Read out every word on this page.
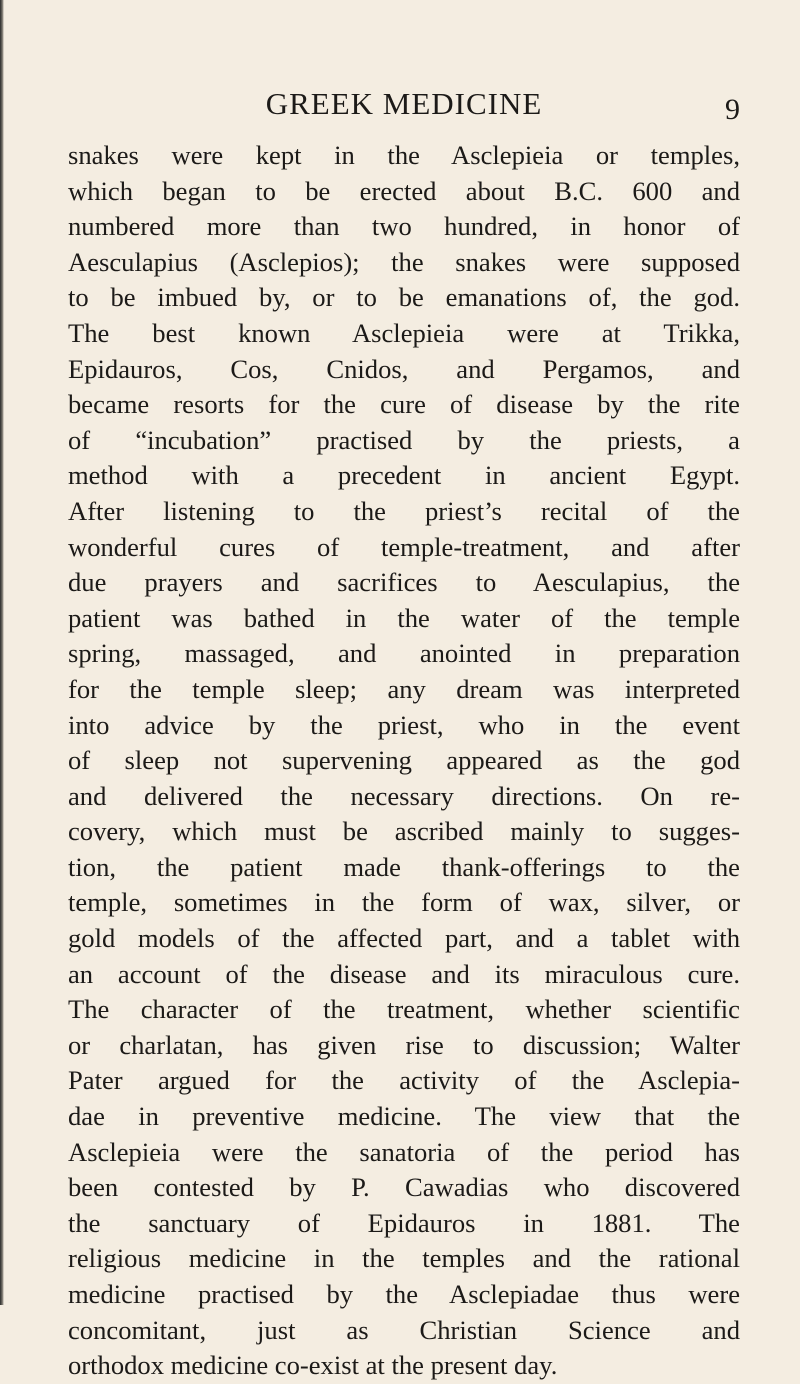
GREEK MEDICINE	9
snakes were kept in the Asclepieia or temples,
which began to be erected about B.C. 600 and
numbered more than two hundred, in honor of
Aesculapius (Asclepios); the snakes were supposed
to be imbued by, or to be emanations of, the god.
The best known Asclepieia were at Trikka,
Epidauros, Cos, Cnidos, and Pergamos, and
became resorts for the cure of disease by the rite
of “incubation” practised by the priests, a
method with a precedent in ancient Egypt.
After listening to the priest’s recital of the
wonderful cures of temple-treatment, and after
due prayers and sacrifices to Aesculapius, the
patient was bathed in the water of the temple
spring, massaged, and anointed in preparation
for the temple sleep; any dream was interpreted
into advice by the priest, who in the event
of sleep not supervening appeared as the god
and delivered the necessary directions. On re-
covery, which must be ascribed mainly to sugges-
tion, the patient made thank-offerings to the
temple, sometimes in the form of wax, silver, or
gold models of the affected part, and a tablet with
an account of the disease and its miraculous cure.
The character of the treatment, whether scientific
or charlatan, has given rise to discussion; Walter
Pater argued for the activity of the Asclepia-
dae in preventive medicine. The view that the
Asclepieia were the sanatoria of the period has
been contested by P. Cawadias who discovered
the sanctuary of Epidauros in 1881. The
religious medicine in the temples and the rational
medicine practised by the Asclepiadae thus were
concomitant, just as Christian Science and
orthodox medicine co-exist at the present day.
